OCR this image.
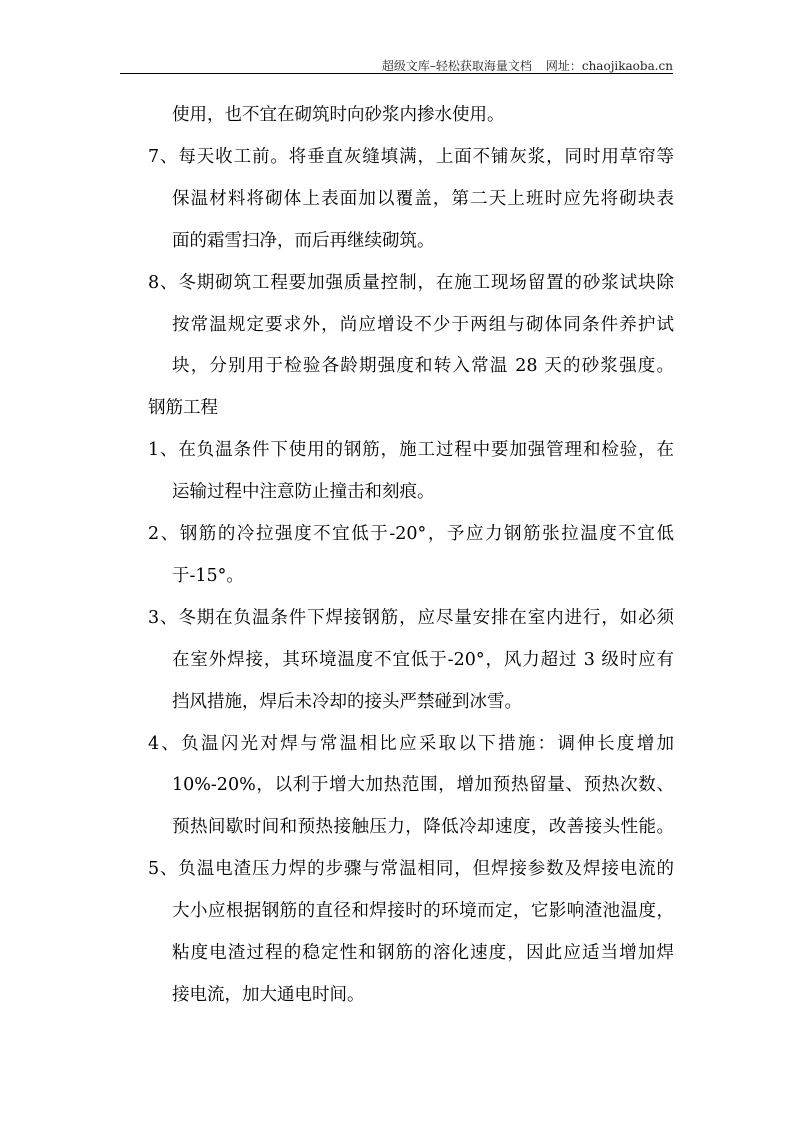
超级文库–轻松获取海量文档 网址：chaojikaoba.cn
使用，也不宜在砌筑时向砂浆内掺水使用。
7、每天收工前。将垂直灰缝填满，上面不铺灰浆，同时用草帘等
保温材料将砌体上表面加以覆盖，第二天上班时应先将砌块表
面的霜雪扫净，而后再继续砌筑。
8、冬期砌筑工程要加强质量控制，在施工现场留置的砂浆试块除
按常温规定要求外，尚应增设不少于两组与砌体同条件养护试
块，分别用于检验各龄期强度和转入常温 28 天的砂浆强度。
钢筋工程
1、在负温条件下使用的钢筋，施工过程中要加强管理和检验，在
运输过程中注意防止撞击和刻痕。
2、钢筋的冷拉强度不宜低于-20°，予应力钢筋张拉温度不宜低
于-15°。
3、冬期在负温条件下焊接钢筋，应尽量安排在室内进行，如必须
在室外焊接，其环境温度不宜低于-20°，风力超过 3 级时应有
挡风措施，焊后未冷却的接头严禁碰到冰雪。
4、负温闪光对焊与常温相比应采取以下措施：调伸长度增加
10%-20%，以利于增大加热范围，增加预热留量、预热次数、
预热间歇时间和预热接触压力，降低冷却速度，改善接头性能。
5、负温电渣压力焊的步骤与常温相同，但焊接参数及焊接电流的
大小应根据钢筋的直径和焊接时的环境而定，它影响渣池温度，
粘度电渣过程的稳定性和钢筋的溶化速度，因此应适当增加焊
接电流，加大通电时间。
